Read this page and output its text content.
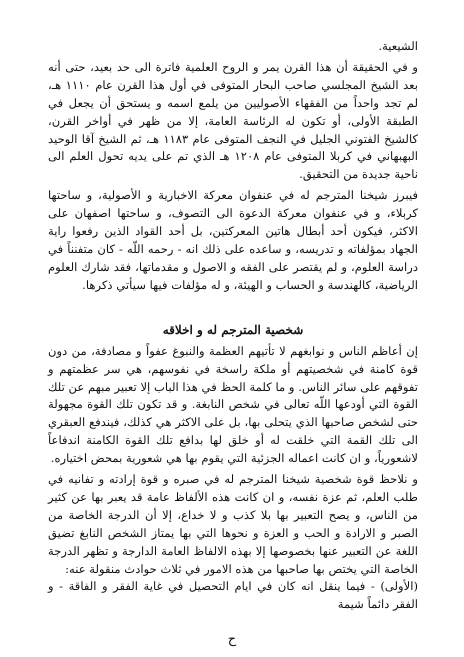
الشيعية.

و في الحقيقة أن هذا القرن يمر و الروح العلمية فاترة الى حد بعيد، حتى أنه بعد الشيخ المجلسي صاحب البحار المتوفى في أول هذا القرن عام ١١١٠ هـ، لم تجد واحداً من الفقهاء الأصوليين من يلمع اسمه و يستحق أن يجعل في الطبقة الأولى، أو تكون له الرئاسة العامة، إلا من ظهر في أواخر القرن، كالشيخ الفتوني الجليل في النجف المتوفى عام ١١٨٣ هـ، ثم الشيخ آقا الوحيد البهبهاني في كربلا المتوفى عام ١٢٠٨ هـ الذي تم على يديه تحول العلم الى ناحية جديدة من التحقيق.

فيبرز شيخنا المترجم له في عنفوان معركة الاخبارية و الأصولية، و ساحتها كربلاء، و في عنفوان معركة الدعوة الى التصوف، و ساحتها اصفهان على الاكثر، فيكون أحد أبطال هاتين المعركتين، بل أحد القواد الذين رفعوا راية الجهاد بمؤلفاته و تدريسه، و ساعده على ذلك انه - رحمه اللّه - كان متفنناً في دراسة العلوم، و لم يقتصر على الفقه و الاصول و مقدماتها، فقد شارك العلوم الرياضية، كالهندسة و الحساب و الهيئة، و له مؤلفات فيها سيأتي ذكرها.

شخصية المترجم له و اخلاقه

إن أعاظم الناس و نوابغهم لا تأتيهم العظمة والنبوغ عفواً و مصادفة، من دون قوة كامنة في شخصيتهم أو ملكة راسخة في نفوسهم، هي سر عظمتهم و تفوقهم على سائر الناس. و ما كلمة الحظ في هذا الباب إلا تعبير مبهم عن تلك القوة التي أودعها اللّه تعالى في شخص النابغة. و قد تكون تلك القوة مجهولة حتى لشخص صاحبها الذي يتحلى بها، بل على الاكثر هي كذلك، فيندفع العبقري الى تلك القمة التي خلقت له أو خلق لها بدافع تلك القوة الكامنة اندفاعاً لاشعورياً، و ان كانت اعماله الجزئية التي يقوم بها هي شعورية بمحض اختياره.

و نلاحظ قوة شخصية شيخنا المترجم له في صبره و قوة إرادته و تفانيه في طلب العلم، ثم عزة نفسه، و ان كانت هذه الألفاظ عامة قد يعبر بها عن كثير من الناس، و يصح التعبير بها بلا كذب و لا خداع، إلا أن الدرجة الخاصة من الصبر و الارادة و الحب و العزة و نحوها التي بها يمتاز الشخص النابغ تضيق اللغة عن التعبير عنها بخصوصها إلا بهذه الالفاظ العامة الدارجة و تظهر الدرجة الخاصة التي يختص بها صاحبها من هذه الامور في ثلاث حوادث منقولة عنه:

(الأولى) - فيما ينقل انه كان في ايام التحصيل في غاية الفقر و الفاقة - و الفقر دائماً شيمة

ح
